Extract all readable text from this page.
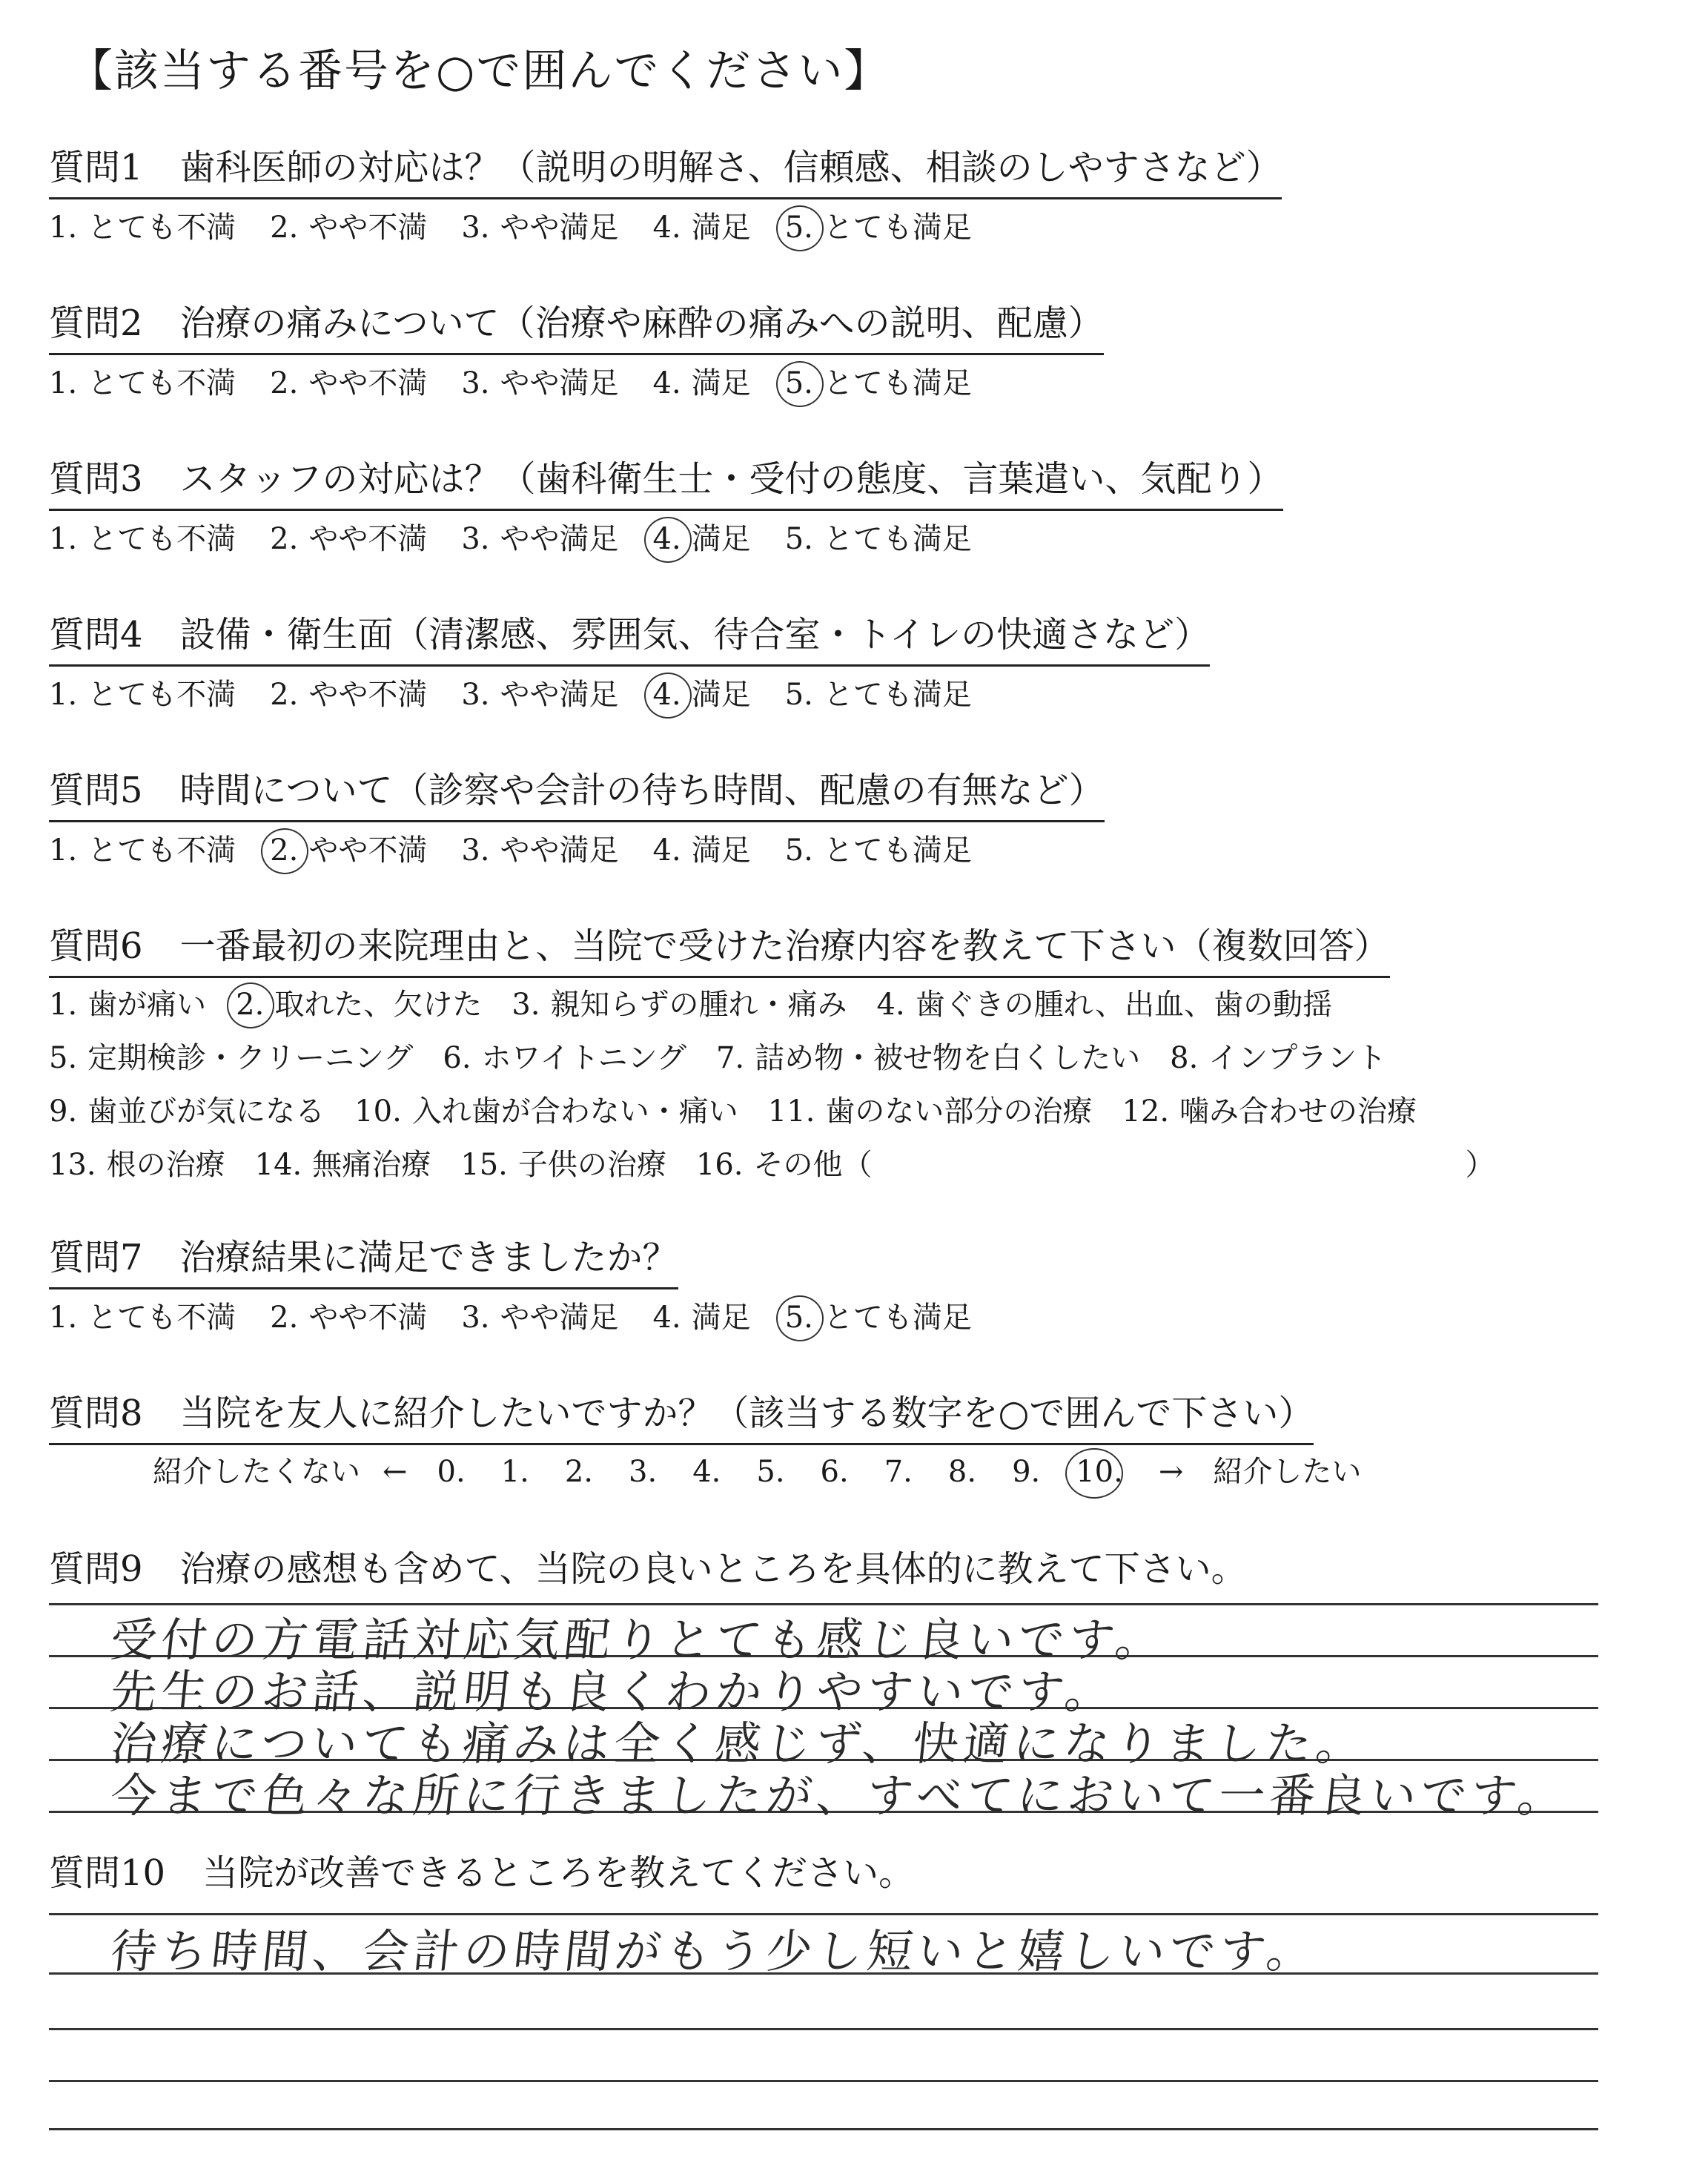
【該当する番号を○で囲んでください】
質問1 歯科医師の対応は？（説明の明解さ、信頼感、相談のしやすさなど）
1. とても不満 2. やや不満 3. やや満足 4. 満足 5. とても満足
質問2 治療の痛みについて（治療や麻酔の痛みへの説明、配慮）
1. とても不満 2. やや不満 3. やや満足 4. 満足 5. とても満足
質問3 スタッフの対応は？（歯科衛生士・受付の態度、言葉遣い、気配り）
1. とても不満 2. やや不満 3. やや満足 4. 満足 5. とても満足
質問4 設備・衛生面（清潔感、雰囲気、待合室・トイレの快適さなど）
1. とても不満 2. やや不満 3. やや満足 4. 満足 5. とても満足
質問5 時間について（診察や会計の待ち時間、配慮の有無など）
1. とても不満 2. やや不満 3. やや満足 4. 満足 5. とても満足
質問6 一番最初の来院理由と、当院で受けた治療内容を教えて下さい（複数回答）
1. 歯が痛い 2. 取れた、欠けた 3. 親知らずの腫れ・痛み 4. 歯ぐきの腫れ、出血、歯の動揺
5. 定期検診・クリーニング 6. ホワイトニング 7. 詰め物・被せ物を白くしたい 8. インプラント
9. 歯並びが気になる 10. 入れ歯が合わない・痛い 11. 歯のない部分の治療 12. 噛み合わせの治療
13. 根の治療 14. 無痛治療 15. 子供の治療 16. その他（	）
質問7 治療結果に満足できましたか？
1. とても不満 2. やや不満 3. やや満足 4. 満足 5. とても満足
質問8 当院を友人に紹介したいですか？（該当する数字を○で囲んで下さい）
紹介したくない ← 0. 1. 2. 3. 4. 5. 6. 7. 8. 9. 10. → 紹介したい
質問9 治療の感想も含めて、当院の良いところを具体的に教えて下さい。
受付の方電話対応気配りとても感じ良いです。
先生のお話、説明も良くわかりやすいです。
治療についても痛みは全く感じず、快適になりました。
今まで色々な所に行きましたが、すべてにおいて一番良いです。
質問10 当院が改善できるところを教えてください。
待ち時間、会計の時間がもう少し短いと嬉しいです。
